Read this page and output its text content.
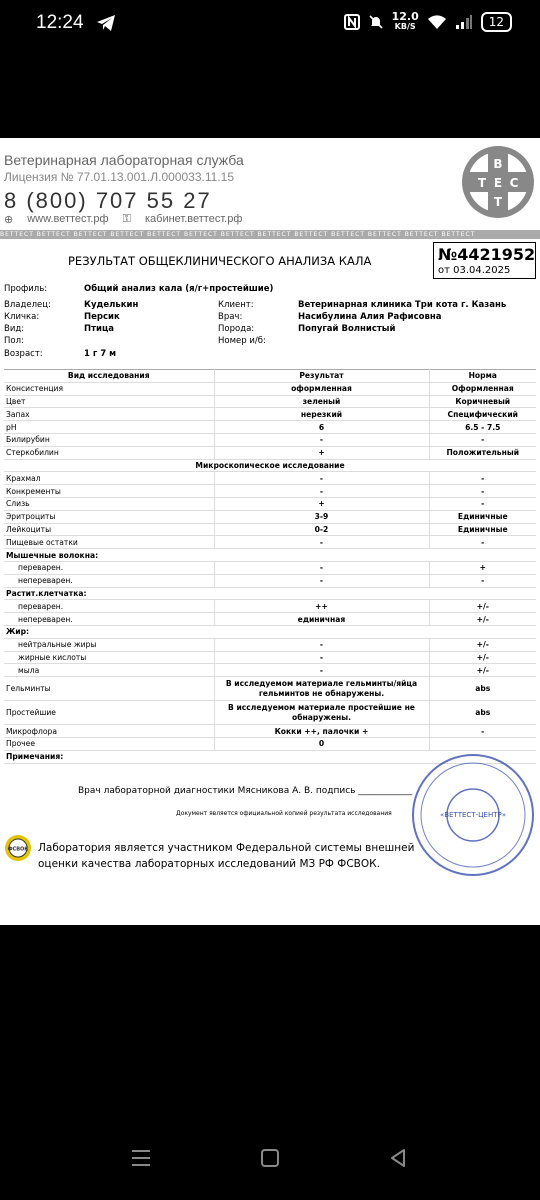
12:24	12.0
KB/S	12
Ветеринарная лабораторная служба
Лицензия № 77.01.13.001.Л.000033.11.15
8 (800) 707 55 27
⊕ www.веттест.рф ⚿ кабинет.веттест.рф
В
Т С
Е
Т
ВЕТТЕСТ ВЕТТЕСТ ВЕТТЕСТ ВЕТТЕСТ ВЕТТЕСТ ВЕТТЕСТ ВЕТТЕСТ ВЕТТЕСТ ВЕТТЕСТ ВЕТТЕСТ ВЕТТЕСТ ВЕТТЕСТ ВЕТТЕСТ
РЕЗУЛЬТАТ ОБЩЕКЛИНИЧЕСКОГО АНАЛИЗА КАЛА	№4421952
от 03.04.2025
Профиль:	Общий анализ кала (я/г+простейшие)
Владелец:	Куделькин	Клиент:	Ветеринарная клиника Три кота г. Казань
Кличка:	Персик	Врач:	Насибулина Алия Рафисовна
Вид:	Птица	Порода:	Попугай Волнистый
Пол:	Номер и/б:
Возраст:	1 г 7 м
Вид исследования	Результат	Норма
Консистенция	оформленная	Оформленная
Цвет	зеленый	Коричневый
Запах	нерезкий	Специфический
pH	6	6.5 - 7.5
Билирубин	-	-
Стеркобилин	+	Положительный
Микроскопическое исследование		
Крахмал	-	-
Конкременты	-	-
Слизь	+	-
Эритроциты	3-9	Единичные
Лейкоциты	0-2	Единичные
Пищевые остатки	-	-
Мышечные волокна:		
переварен.	-	+
непереварен.	-	-
Растит.клетчатка:		
переварен.	++	+/-
непереварен.	единичная	+/-
Жир:		
нейтральные жиры	-	+/-
жирные кислоты	-	+/-
мыла	-	+/-
Гельминты	В исследуемом материале гельминты/яйца гельминтов не обнаружены.	abs
Простейшие	В исследуемом материале простейшие не обнаружены.	abs
Микрофлора	Кокки ++, палочки +	-
Прочее	0	
Примечания:		
Врач лабораторной диагностики Мясникова А. В. подпись ____________
Документ является официальной копией результата исследования
ФСВОК Лаборатория является участником Федеральной системы внешней оценки качества лабораторных исследований МЗ РФ ФСВОК.
«ВЕТТЕСТ-ЦЕНТР»
